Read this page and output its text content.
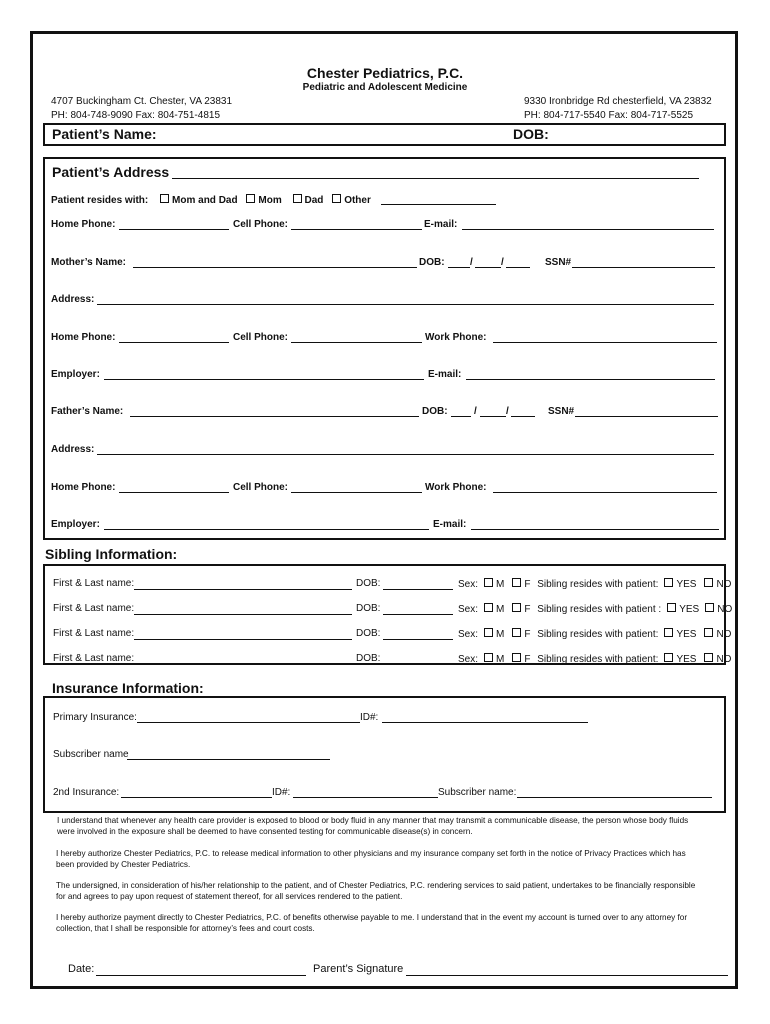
Chester Pediatrics, P.C.
Pediatric and Adolescent Medicine
4707 Buckingham Ct. Chester, VA 23831
PH: 804-748-9090 Fax: 804-751-4815
9330 Ironbridge Rd chesterfield, VA 23832
PH: 804-717-5540 Fax: 804-717-5525
Patient’s Name:	DOB:
Patient’s Address
Patient resides with: Mom and Dad Mom Dad Other
Home Phone:	Cell Phone:	E-mail:
Mother’s Name:	DOB:	/	/	SSN#
Address:
Home Phone:	Cell Phone:	Work Phone:
Employer:	E-mail:
Father’s Name:	DOB:	/	/	SSN#
Address:
Home Phone:	Cell Phone:	Work Phone:
Employer:	E-mail:
Sibling Information:
First & Last name:	DOB:	Sex: M F Sibling resides with patient: YES NO
First & Last name:	DOB:	Sex: M F Sibling resides with patient : YES NO
First & Last name:	DOB:	Sex: M F Sibling resides with patient: YES NO
First & Last name:	DOB:	Sex: M F Sibling resides with patient: YES NO
Insurance Information:
Primary Insurance:	ID#:
Subscriber name
2nd Insurance:	ID#:	Subscriber name:
I understand that whenever any health care provider is exposed to blood or body fluid in any manner that may transmit a communicable disease, the person whose body fluids
were involved in the exposure shall be deemed to have consented testing for communicable disease(s) in concern.
I hereby authorize Chester Pediatrics, P.C. to release medical information to other physicians and my insurance company set forth in the notice of Privacy Practices which has
been provided by Chester Pediatrics.
The undersigned, in consideration of his/her relationship to the patient, and of Chester Pediatrics, P.C. rendering services to said patient, undertakes to be financially responsible
for and agrees to pay upon request of statement thereof, for all services rendered to the patient.
I hereby authorize payment directly to Chester Pediatrics, P.C. of benefits otherwise payable to me. I understand that in the event my account is turned over to any attorney for
collection, that I shall be responsible for attorney’s fees and court costs.
Date:	Parent’s Signature
